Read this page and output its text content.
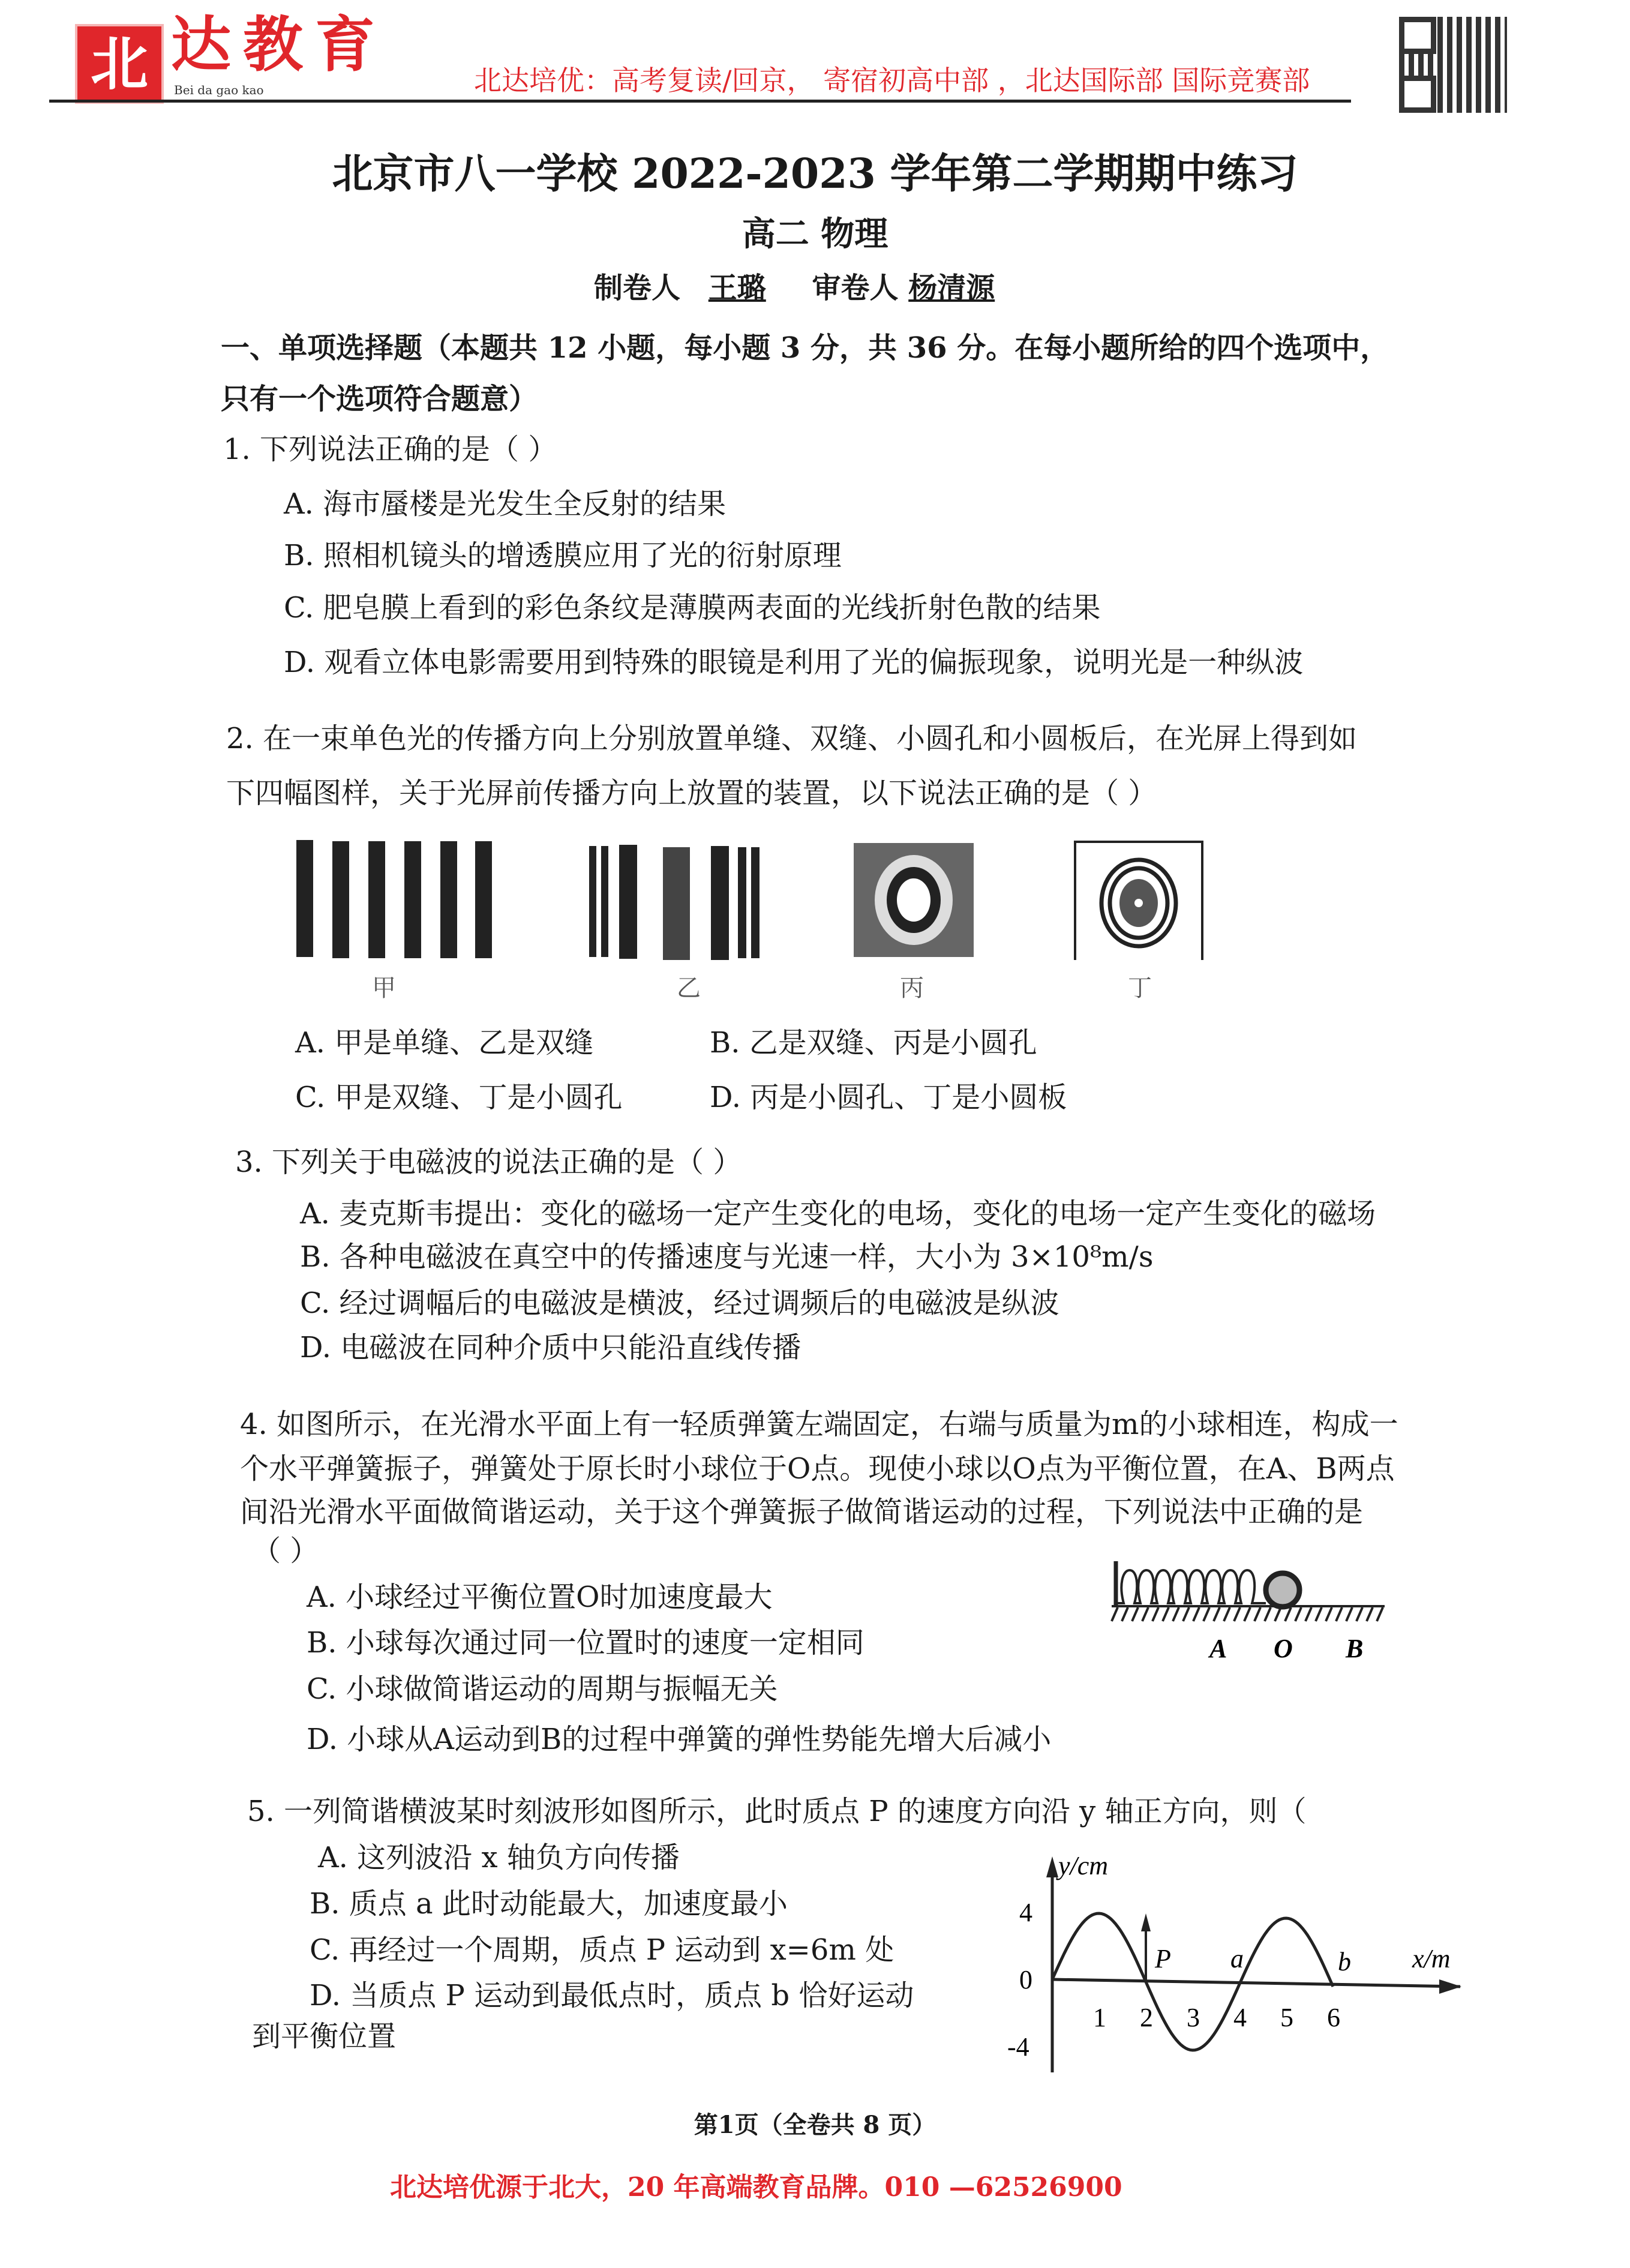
北 达教育
Bei da gao kao	北达培优：高考复读/回京， 寄宿初高中部 ，北达国际部 国际竞赛部
北京市八一学校 2022-2023 学年第二学期期中练习
高二 物理
制卷人 王璐 审卷人 杨清源
一、单项选择题（本题共 12 小题，每小题 3 分，共 36 分。在每小题所给的四个选项中，
只有一个选项符合题意）
1. 下列说法正确的是（ ）
A. 海市蜃楼是光发生全反射的结果
B. 照相机镜头的增透膜应用了光的衍射原理
C. 肥皂膜上看到的彩色条纹是薄膜两表面的光线折射色散的结果
D. 观看立体电影需要用到特殊的眼镜是利用了光的偏振现象，说明光是一种纵波
2. 在一束单色光的传播方向上分别放置单缝、双缝、小圆孔和小圆板后，在光屏上得到如
下四幅图样，关于光屏前传播方向上放置的装置，以下说法正确的是（ ）
甲	乙	丙	丁
A. 甲是单缝、乙是双缝	B. 乙是双缝、丙是小圆孔
C. 甲是双缝、丁是小圆孔	D. 丙是小圆孔、丁是小圆板
3. 下列关于电磁波的说法正确的是（ ）
A. 麦克斯韦提出：变化的磁场一定产生变化的电场，变化的电场一定产生变化的磁场
B. 各种电磁波在真空中的传播速度与光速一样，大小为 3×10⁸m/s
C. 经过调幅后的电磁波是横波，经过调频后的电磁波是纵波
D. 电磁波在同种介质中只能沿直线传播
4. 如图所示，在光滑水平面上有一轻质弹簧左端固定，右端与质量为m的小球相连，构成一
个水平弹簧振子，弹簧处于原长时小球位于O点。现使小球以O点为平衡位置，在A、B两点
间沿光滑水平面做简谐运动，关于这个弹簧振子做简谐运动的过程，下列说法中正确的是
（ ）
A. 小球经过平衡位置O时加速度最大
B. 小球每次通过同一位置时的速度一定相同
C. 小球做简谐运动的周期与振幅无关
D. 小球从A运动到B的过程中弹簧的弹性势能先增大后减小
A O B
5. 一列简谐横波某时刻波形如图所示，此时质点 P 的速度方向沿 y 轴正方向，则（
A. 这列波沿 x 轴负方向传播
B. 质点 a 此时动能最大，加速度最小
C. 再经过一个周期，质点 P 运动到 x=6m 处
D. 当质点 P 运动到最低点时，质点 b 恰好运动
到平衡位置
y/cm
x/m
4
0
-4
1 2 3 4 5 6
P a	b
第1页（全卷共 8 页）
北达培优源于北大，20 年高端教育品牌。010 —62526900
